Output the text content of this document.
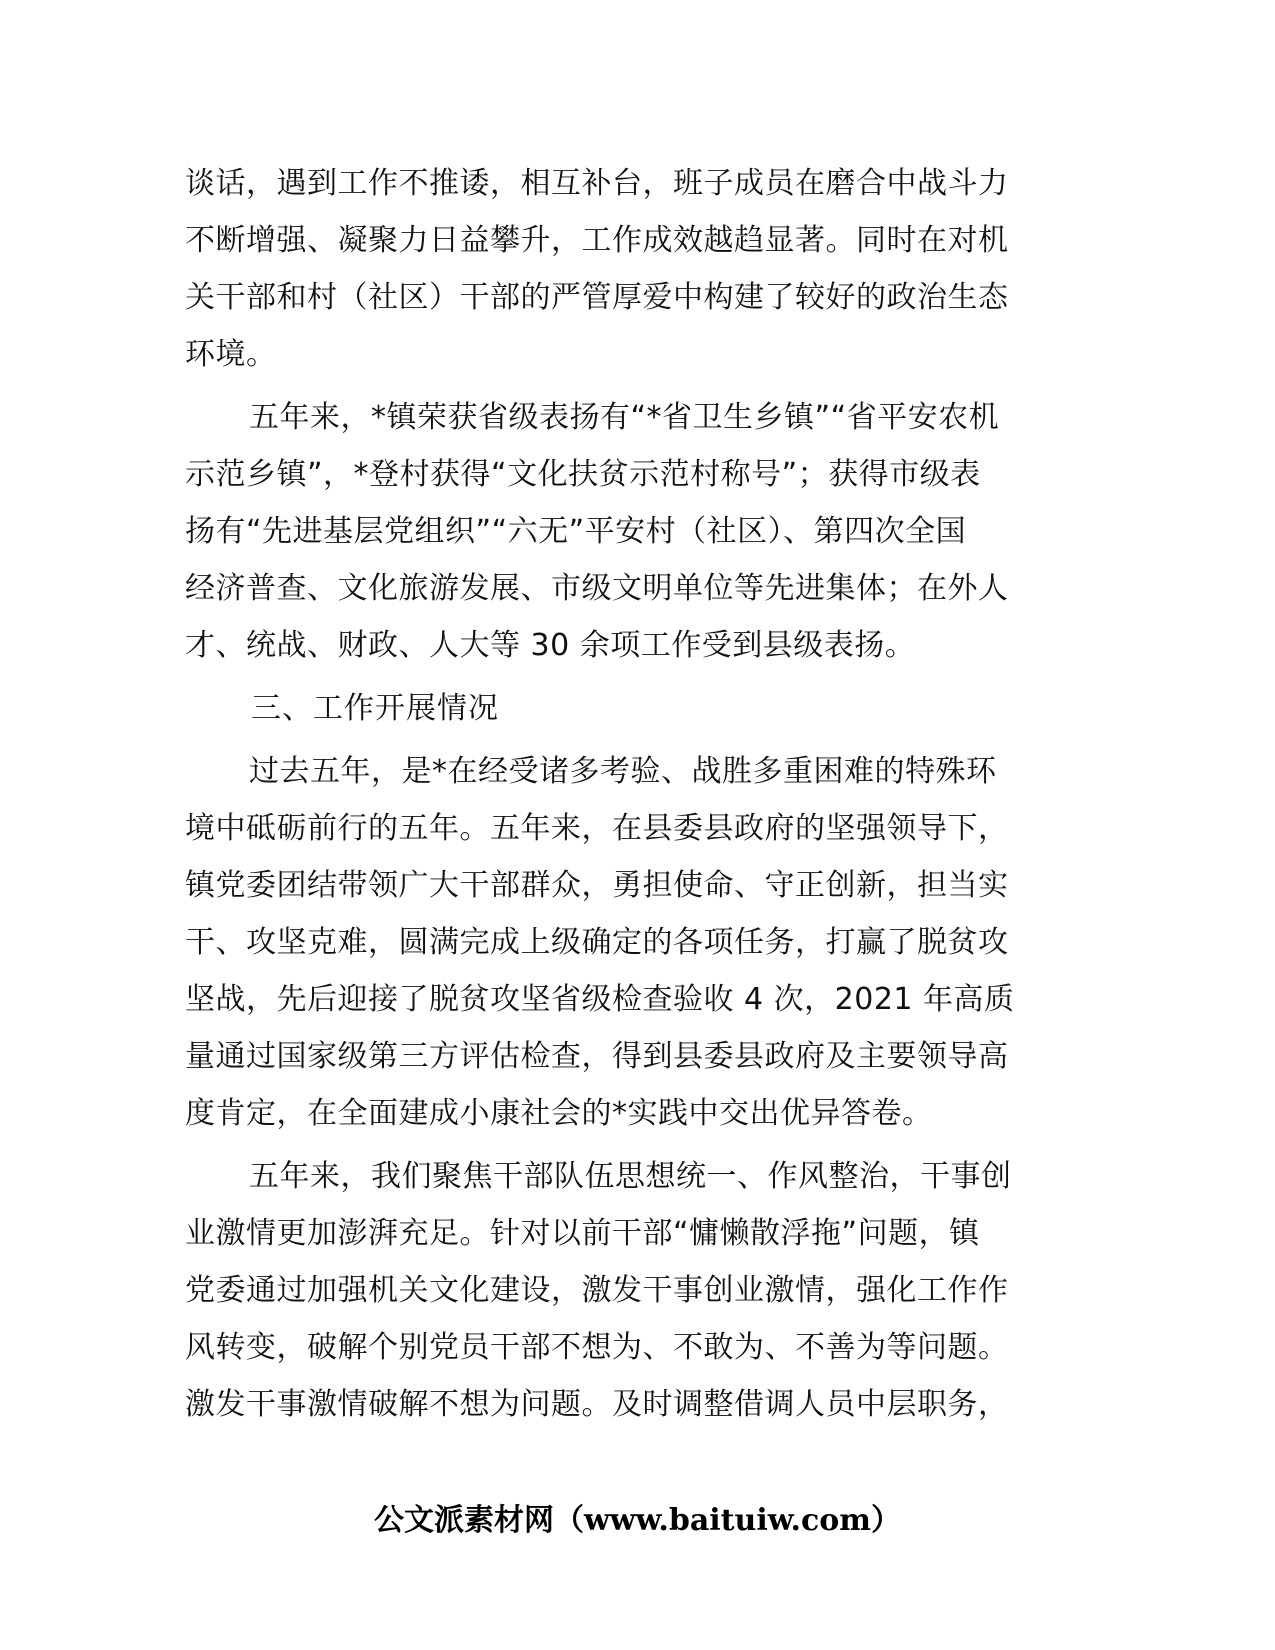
谈话，遇到工作不推诿，相互补台，班子成员在磨合中战斗力
不断增强、凝聚力日益攀升，工作成效越趋显著。同时在对机
关干部和村（社区）干部的严管厚爱中构建了较好的政治生态
环境。

五年来，*镇荣获省级表扬有“*省卫生乡镇”“省平安农机
示范乡镇”，*登村获得“文化扶贫示范村称号”；获得市级表
扬有“先进基层党组织”“六无”平安村（社区）、第四次全国
经济普查、文化旅游发展、市级文明单位等先进集体；在外人
才、统战、财政、人大等 30 余项工作受到县级表扬。

三、工作开展情况

过去五年，是*在经受诸多考验、战胜多重困难的特殊环
境中砥砺前行的五年。五年来，在县委县政府的坚强领导下，
镇党委团结带领广大干部群众，勇担使命、守正创新，担当实
干、攻坚克难，圆满完成上级确定的各项任务，打赢了脱贫攻
坚战，先后迎接了脱贫攻坚省级检查验收 4 次，2021 年高质
量通过国家级第三方评估检查，得到县委县政府及主要领导高
度肯定，在全面建成小康社会的*实践中交出优异答卷。

五年来，我们聚焦干部队伍思想统一、作风整治，干事创
业激情更加澎湃充足。针对以前干部“慵懒散浮拖”问题，镇
党委通过加强机关文化建设，激发干事创业激情，强化工作作
风转变，破解个别党员干部不想为、不敢为、不善为等问题。
激发干事激情破解不想为问题。及时调整借调人员中层职务，

公文派素材网（www.baituiw.com）
